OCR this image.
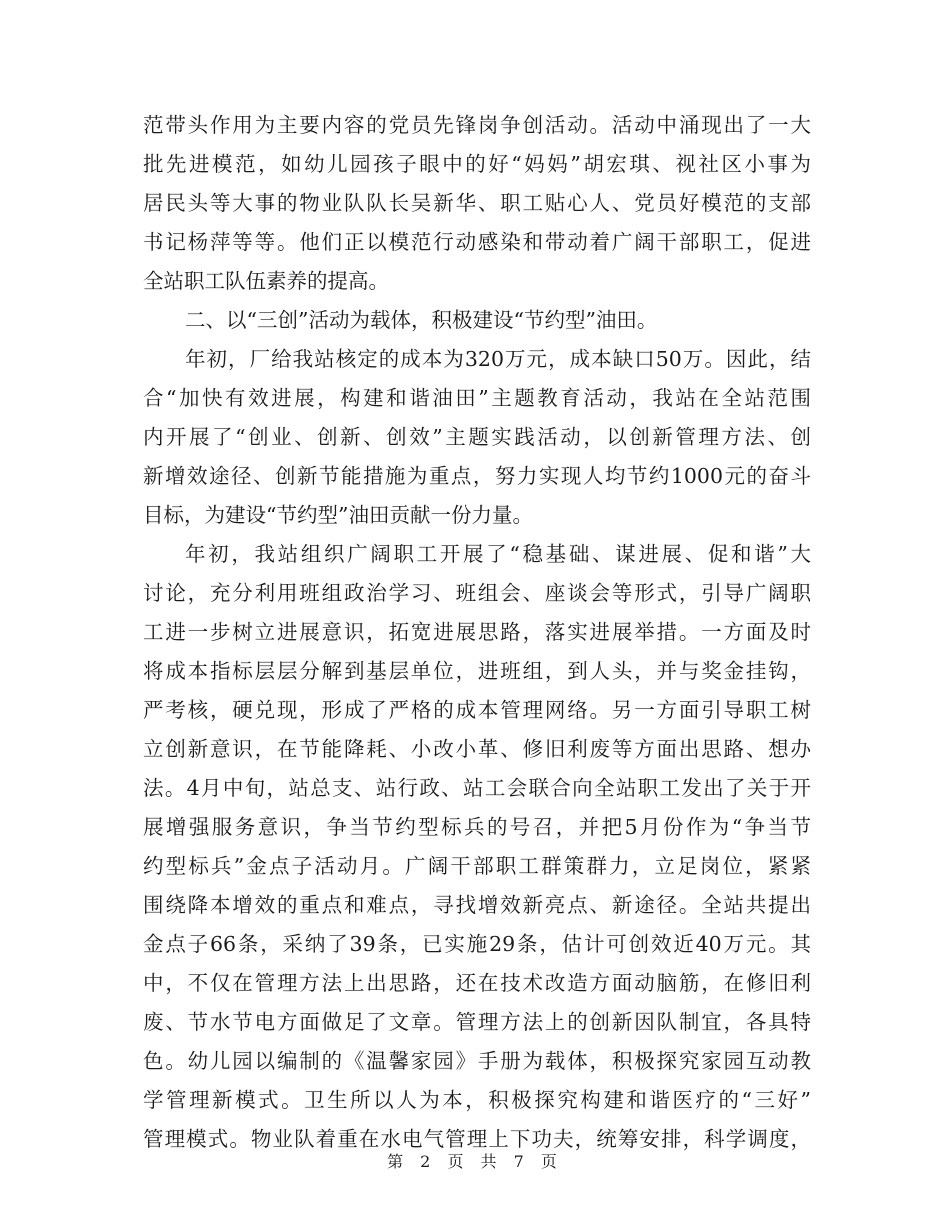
范带头作用为主要内容的党员先锋岗争创活动。活动中涌现出了一大
批先进模范，如幼儿园孩子眼中的好“妈妈”胡宏琪、视社区小事为
居民头等大事的物业队队长吴新华、职工贴心人、党员好模范的支部
书记杨萍等等。他们正以模范行动感染和带动着广阔干部职工，促进
全站职工队伍素养的提高。
二、以“三创”活动为载体，积极建设“节约型”油田。
年初，厂给我站核定的成本为320万元，成本缺口50万。因此，结
合“加快有效进展，构建和谐油田”主题教育活动，我站在全站范围
内开展了“创业、创新、创效”主题实践活动，以创新管理方法、创
新增效途径、创新节能措施为重点，努力实现人均节约1000元的奋斗
目标，为建设“节约型”油田贡献一份力量。
年初，我站组织广阔职工开展了“稳基础、谋进展、促和谐”大
讨论，充分利用班组政治学习、班组会、座谈会等形式，引导广阔职
工进一步树立进展意识，拓宽进展思路，落实进展举措。一方面及时
将成本指标层层分解到基层单位，进班组，到人头，并与奖金挂钩，
严考核，硬兑现，形成了严格的成本管理网络。另一方面引导职工树
立创新意识，在节能降耗、小改小革、修旧利废等方面出思路、想办
法。4月中旬，站总支、站行政、站工会联合向全站职工发出了关于开
展增强服务意识，争当节约型标兵的号召，并把5月份作为“争当节
约型标兵”金点子活动月。广阔干部职工群策群力，立足岗位，紧紧
围绕降本增效的重点和难点，寻找增效新亮点、新途径。全站共提出
金点子66条，采纳了39条，已实施29条，估计可创效近40万元。其
中，不仅在管理方法上出思路，还在技术改造方面动脑筋，在修旧利
废、节水节电方面做足了文章。管理方法上的创新因队制宜，各具特
色。幼儿园以编制的《温馨家园》手册为载体，积极探究家园互动教
学管理新模式。卫生所以人为本，积极探究构建和谐医疗的“三好”
管理模式。物业队着重在水电气管理上下功夫，统筹安排，科学调度，
第 2 页 共 7 页
